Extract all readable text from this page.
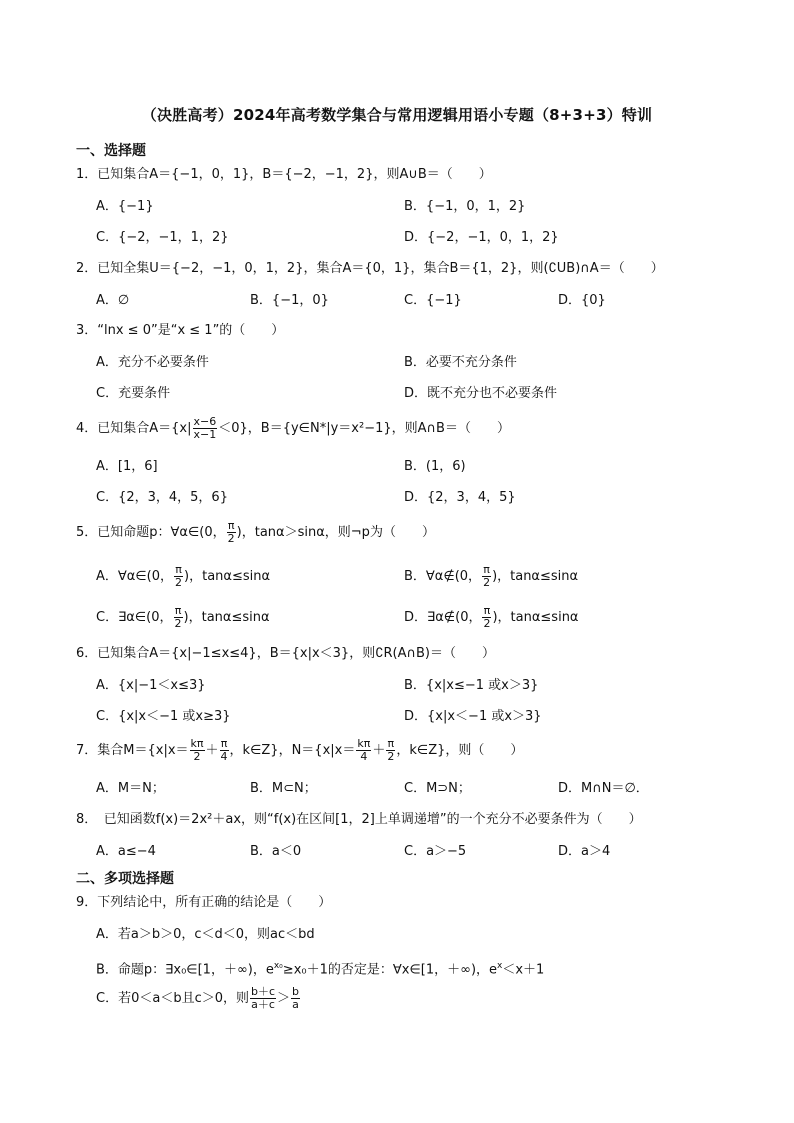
（决胜高考）2024年高考数学集合与常用逻辑用语小专题（8+3+3）特训
一、选择题
1．已知集合A＝{−1，0，1}，B＝{−2，−1，2}，则A∪B＝（　　）
A．{−1}	B．{−1，0，1，2}
C．{−2，−1，1，2}	D．{−2，−1，0，1，2}
2．已知全集U＝{−2，−1，0，1，2}，集合A＝{0，1}，集合B＝{1，2}，则(∁UB)∩A＝（　　）
A．∅	B．{−1，0}	C．{−1}	D．{0}
3．“lnx ≤ 0”是“x ≤ 1”的（　　）
A．充分不必要条件	B．必要不充分条件
C．充要条件	D．既不充分也不必要条件
4．已知集合$A=\{x| \frac{x-6}{x-1} <0\}$，B＝{y∈N*|y＝x²−1}，则A∩B＝（　　）
A．[1，6]	B．(1，6)
C．{2，3，4，5，6}	D．{2，3，4，5}
5．已知命题p：∀α∈(0， $\frac{\pi}{2}$ )，tanα＞sinα，则¬p为（　　）
A．∀α∈(0， $\frac{\pi}{2}$ )，tanα≤sinα	B．∀α∉(0， $\frac{\pi}{2}$ )，tanα≤sinα
C．∃α∈(0， $\frac{\pi}{2}$ )，tanα≤sinα	D．∃α∉(0， $\frac{\pi}{2}$ )，tanα≤sinα
6．已知集合A＝{x|−1≤x≤4}，B＝{x|x＜3}，则∁R(A∩B)＝（　　）
A．{x|−1＜x≤3}	B．{x|x≤−1 或x＞3}
C．{x|x＜−1 或x≥3}	D．{x|x＜−1 或x＞3}
7．集合$M=\{x|x= \frac{k\pi}{2} + \frac{\pi}{4}$ ，k∈Z}，$N=\{x|x= \frac{k\pi}{4} + \frac{\pi}{2}$ ，k∈Z}，则（　　）
A．M＝N；	B．M⊂N；	C．M⊃N；	D．M∩N＝∅．
8．　已知函数f(x)＝2x²＋ax，则“f(x)在区间[1，2]上单调递增”的一个充分不必要条件为（　　）
A．a≤−4	B．a＜0	C．a＞−5	D．a＞4
二、多项选择题
9．下列结论中，所有正确的结论是（　　）
A．若a＞b＞0，c＜d＜0，则ac＜bd
B．命题p：∃x₀∈[1，＋∞)，$e^{x_0}\ge x_0+1$的否定是：∀x∈[1，＋∞)，$e^x<x+1$
C．若0＜a＜b且c＞0，则 $\frac{b+c}{a+c} > \frac{b}{a}$
